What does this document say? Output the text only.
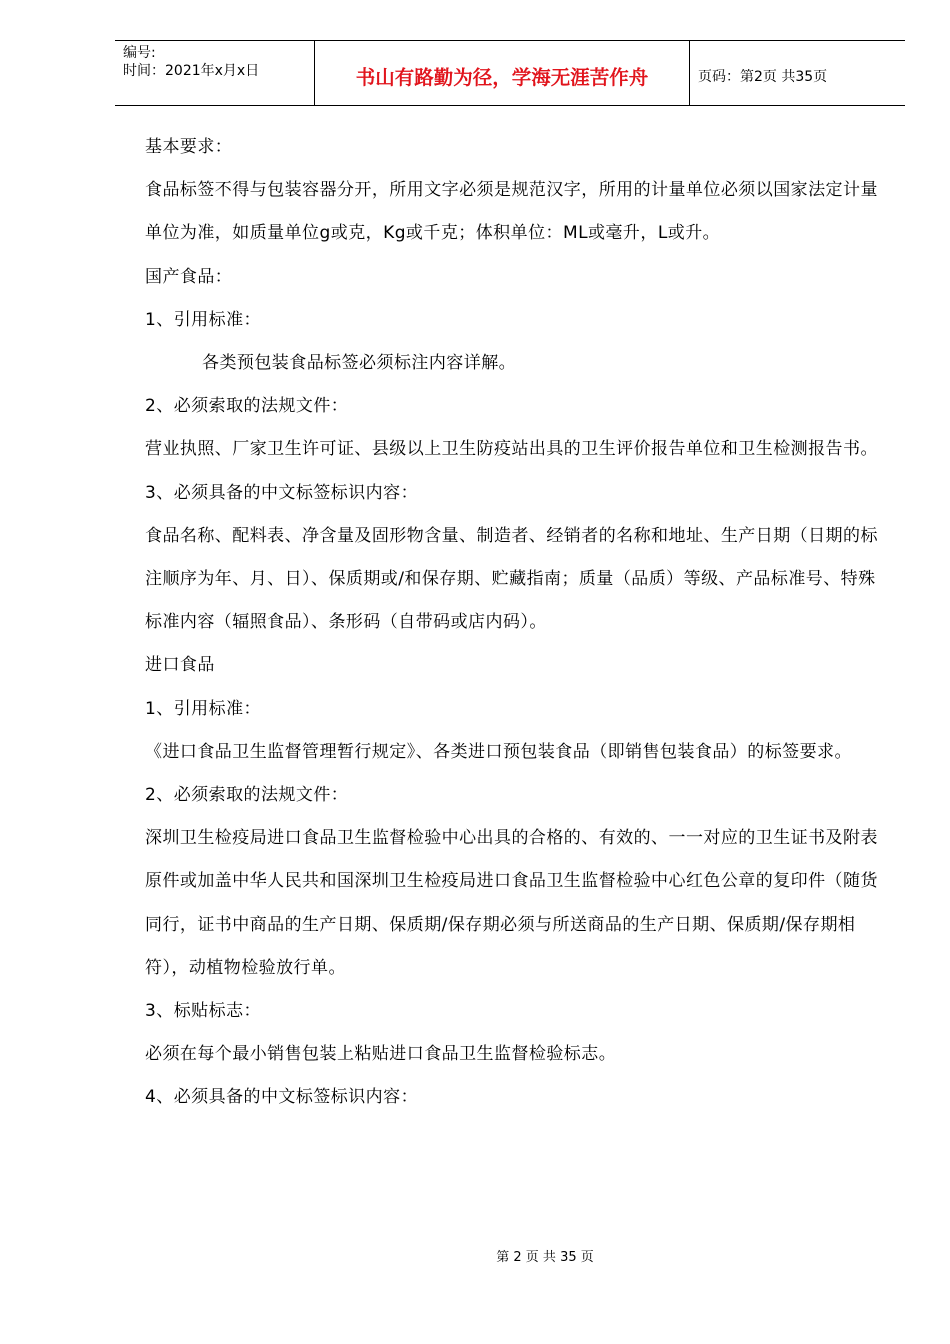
编号:
时间：2021年x月x日	书山有路勤为径，学海无涯苦作舟	页码：第2页 共35页

基本要求：

食品标签不得与包装容器分开，所用文字必须是规范汉字，所用的计量单位必须以国家法定计量单位为准，如质量单位g或克，Kg或千克；体积单位：ML或毫升，L或升。

国产食品：

1、引用标准：

各类预包装食品标签必须标注内容详解。

2、必须索取的法规文件：

营业执照、厂家卫生许可证、县级以上卫生防疫站出具的卫生评价报告单位和卫生检测报告书。

3、必须具备的中文标签标识内容：

食品名称、配料表、净含量及固形物含量、制造者、经销者的名称和地址、生产日期（日期的标注顺序为年、月、日）、保质期或/和保存期、贮藏指南；质量（品质）等级、产品标准号、特殊标准内容（辐照食品）、条形码（自带码或店内码）。

进口食品

1、引用标准：

《进口食品卫生监督管理暂行规定》、各类进口预包装食品（即销售包装食品）的标签要求。

2、必须索取的法规文件：

深圳卫生检疫局进口食品卫生监督检验中心出具的合格的、有效的、一一对应的卫生证书及附表原件或加盖中华人民共和国深圳卫生检疫局进口食品卫生监督检验中心红色公章的复印件（随货同行，证书中商品的生产日期、保质期/保存期必须与所送商品的生产日期、保质期/保存期相符），动植物检验放行单。

3、标贴标志：

必须在每个最小销售包装上粘贴进口食品卫生监督检验标志。

4、必须具备的中文标签标识内容：

第 2 页 共 35 页
